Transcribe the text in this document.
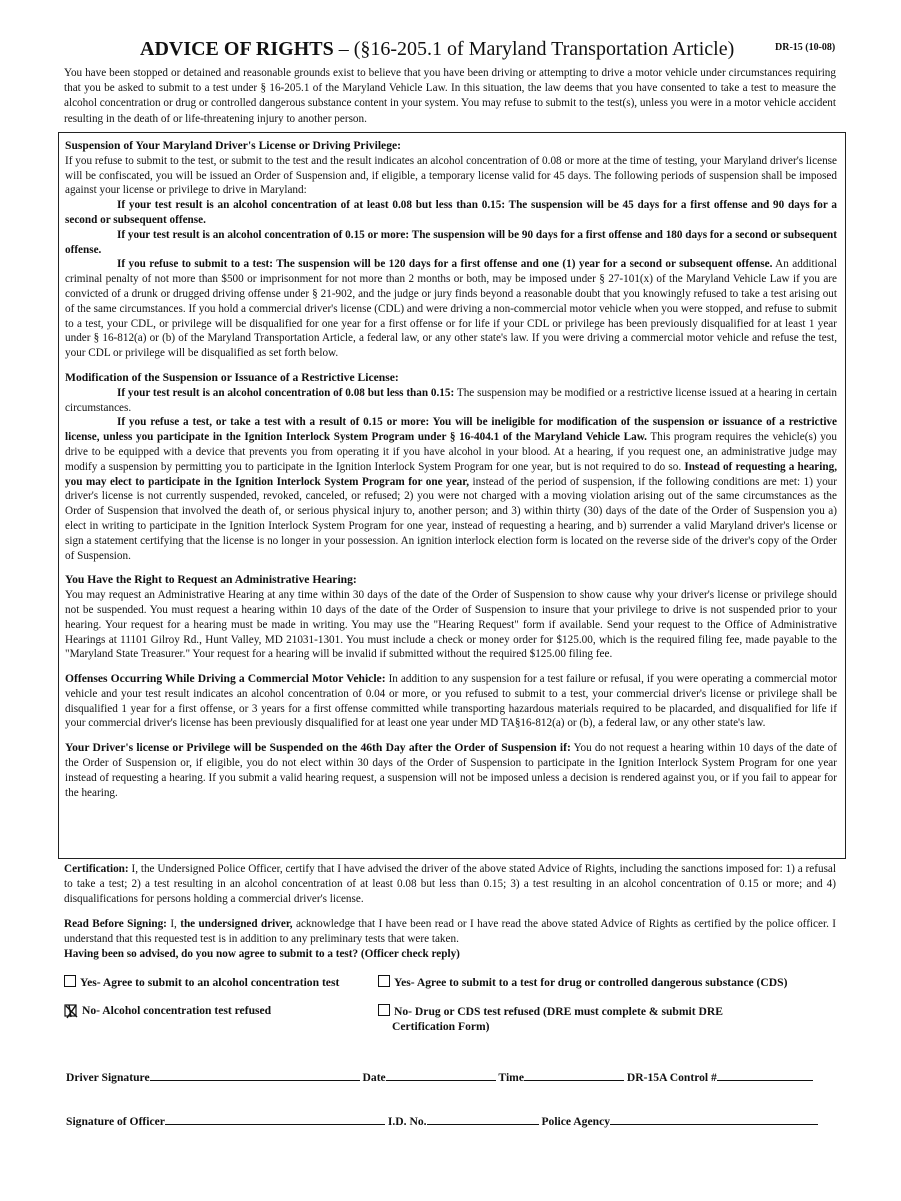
ADVICE OF RIGHTS – (§16-205.1 of Maryland Transportation Article)	DR-15 (10-08)
You have been stopped or detained and reasonable grounds exist to believe that you have been driving or attempting to drive a motor vehicle under circumstances requiring that you be asked to submit to a test under § 16-205.1 of the Maryland Vehicle Law. In this situation, the law deems that you have consented to take a test to measure the alcohol concentration or drug or controlled dangerous substance content in your system. You may refuse to submit to the test(s), unless you were in a motor vehicle accident resulting in the death of or life-threatening injury to another person.

Suspension of Your Maryland Driver's License or Driving Privilege:

If you refuse to submit to the test, or submit to the test and the result indicates an alcohol concentration of 0.08 or more at the time of testing, your Maryland driver's license will be confiscated, you will be issued an Order of Suspension and, if eligible, a temporary license valid for 45 days. The following periods of suspension shall be imposed against your license or privilege to drive in Maryland:

If your test result is an alcohol concentration of at least 0.08 but less than 0.15: The suspension will be 45 days for a first offense and 90 days for a second or subsequent offense.

If your test result is an alcohol concentration of 0.15 or more: The suspension will be 90 days for a first offense and 180 days for a second or subsequent offense.

If you refuse to submit to a test: The suspension will be 120 days for a first offense and one (1) year for a second or subsequent offense. An additional criminal penalty of not more than $500 or imprisonment for not more than 2 months or both, may be imposed under § 27-101(x) of the Maryland Vehicle Law if you are convicted of a drunk or drugged driving offense under § 21-902, and the judge or jury finds beyond a reasonable doubt that you knowingly refused to take a test arising out of the same circumstances. If you hold a commercial driver's license (CDL) and were driving a non-commercial motor vehicle when you were stopped, and refuse to submit to a test, your CDL, or privilege will be disqualified for one year for a first offense or for life if your CDL or privilege has been previously disqualified for at least 1 year under § 16-812(a) or (b) of the Maryland Transportation Article, a federal law, or any other state's law. If you were driving a commercial motor vehicle and refuse the test, your CDL or privilege will be disqualified as set forth below.

Modification of the Suspension or Issuance of a Restrictive License:

If your test result is an alcohol concentration of 0.08 but less than 0.15: The suspension may be modified or a restrictive license issued at a hearing in certain circumstances.

If you refuse a test, or take a test with a result of 0.15 or more: You will be ineligible for modification of the suspension or issuance of a restrictive license, unless you participate in the Ignition Interlock System Program under § 16-404.1 of the Maryland Vehicle Law. This program requires the vehicle(s) you drive to be equipped with a device that prevents you from operating it if you have alcohol in your blood. At a hearing, if you request one, an administrative judge may modify a suspension by permitting you to participate in the Ignition Interlock System Program for one year, but is not required to do so. Instead of requesting a hearing, you may elect to participate in the Ignition Interlock System Program for one year, instead of the period of suspension, if the following conditions are met: 1) your driver's license is not currently suspended, revoked, canceled, or refused; 2) you were not charged with a moving violation arising out of the same circumstances as the Order of Suspension that involved the death of, or serious physical injury to, another person; and 3) within thirty (30) days of the date of the Order of Suspension you a) elect in writing to participate in the Ignition Interlock System Program for one year, instead of requesting a hearing, and b) surrender a valid Maryland driver's license or sign a statement certifying that the license is no longer in your possession. An ignition interlock election form is located on the reverse side of the driver's copy of the Order of Suspension.

You Have the Right to Request an Administrative Hearing:

You may request an Administrative Hearing at any time within 30 days of the date of the Order of Suspension to show cause why your driver's license or privilege should not be suspended. You must request a hearing within 10 days of the date of the Order of Suspension to insure that your privilege to drive is not suspended prior to your hearing. Your request for a hearing must be made in writing. You may use the "Hearing Request" form if available. Send your request to the Office of Administrative Hearings at 11101 Gilroy Rd., Hunt Valley, MD 21031-1301. You must include a check or money order for $125.00, which is the required filing fee, made payable to the "Maryland State Treasurer." Your request for a hearing will be invalid if submitted without the required $125.00 filing fee.

Offenses Occurring While Driving a Commercial Motor Vehicle: In addition to any suspension for a test failure or refusal, if you were operating a commercial motor vehicle and your test result indicates an alcohol concentration of 0.04 or more, or you refused to submit to a test, your commercial driver's license or privilege shall be disqualified 1 year for a first offense, or 3 years for a first offense committed while transporting hazardous materials required to be placarded, and disqualified for life if your commercial driver's license has been previously disqualified for at least one year under MD TA§16-812(a) or (b), a federal law, or any other state's law.

Your Driver's license or Privilege will be Suspended on the 46th Day after the Order of Suspension if: You do not request a hearing within 10 days of the date of the Order of Suspension or, if eligible, you do not elect within 30 days of the Order of Suspension to participate in the Ignition Interlock System Program for one year instead of requesting a hearing. If you submit a valid hearing request, a suspension will not be imposed unless a decision is rendered against you, or if you fail to appear for the hearing.

Certification: I, the Undersigned Police Officer, certify that I have advised the driver of the above stated Advice of Rights, including the sanctions imposed for: 1) a refusal to take a test; 2) a test resulting in an alcohol concentration of at least 0.08 but less than 0.15; 3) a test resulting in an alcohol concentration of 0.15 or more; and 4) disqualifications for persons holding a commercial driver's license.
Read Before Signing: I, the undersigned driver, acknowledge that I have been read or I have read the above stated Advice of Rights as certified by the police officer. I understand that this requested test is in addition to any preliminary tests that were taken.
Having been so advised, do you now agree to submit to a test? (Officer check reply)
Yes- Agree to submit to an alcohol concentration test	Yes- Agree to submit to a test for drug or controlled dangerous substance (CDS)
No- Alcohol concentration test refused	No- Drug or CDS test refused (DRE must complete & submit DRE
Certification Form)
Driver Signature	Date	Time	DR-15A Control #
Signature of Officer	I.D. No.	Police Agency
